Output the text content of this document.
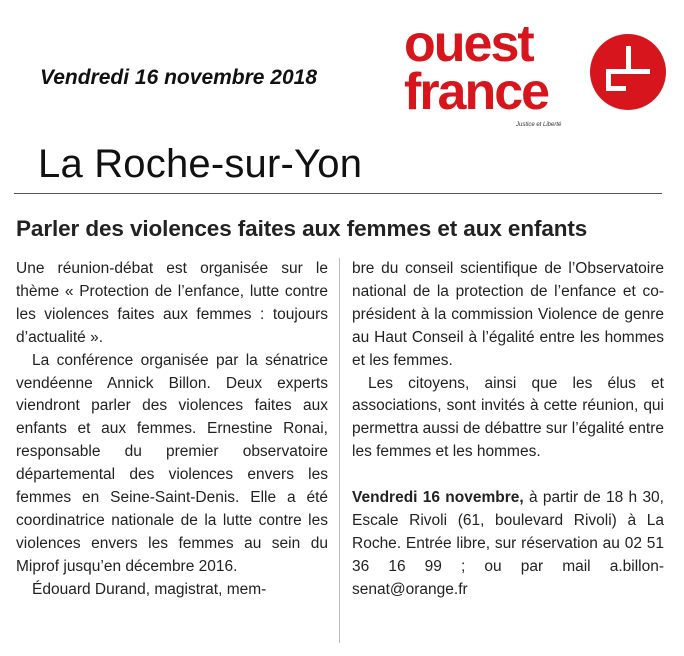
Vendredi 16 novembre 2018
ouest
france
Justice et Liberté
La Roche-sur-Yon
Parler des violences faites aux femmes et aux enfants

Une réunion-débat est organisée sur le thème « Protection de l’enfance, lutte contre les violences faites aux femmes : toujours d’actualité ».

La conférence organisée par la sénatrice vendéenne Annick Billon. Deux experts viendront parler des violences faites aux enfants et aux femmes. Ernestine Ronai, responsable du premier observatoire départemental des violences envers les femmes en Seine-Saint-Denis. Elle a été coordinatrice nationale de la lutte contre les violences envers les femmes au sein du Miprof jusqu’en décembre 2016.

Édouard Durand, magistrat, mem-

bre du conseil scientifique de l’Observatoire national de la protection de l’enfance et co-président à la commission Violence de genre au Haut Conseil à l’égalité entre les hommes et les femmes.

Les citoyens, ainsi que les élus et associations, sont invités à cette réunion, qui permettra aussi de débattre sur l’égalité entre les femmes et les hommes.

Vendredi 16 novembre, à partir de 18 h 30, Escale Rivoli (61, boulevard Rivoli) à La Roche. Entrée libre, sur réservation au 02 51 36 16 99 ; ou par mail a.billon-senat@orange.fr
